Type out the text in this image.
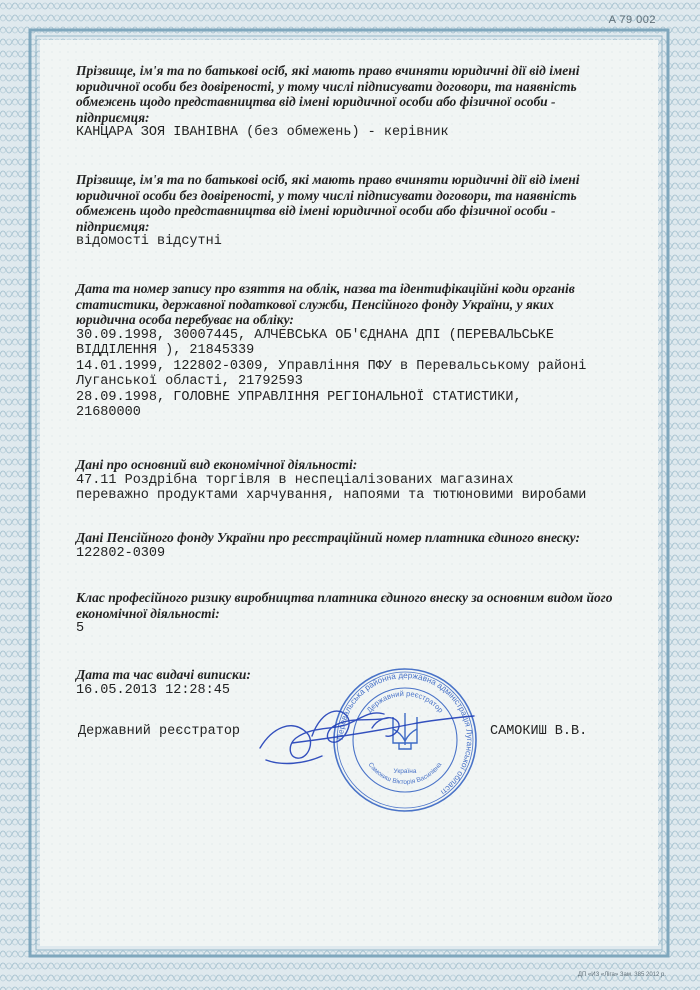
A 79 002
ДП «ИЗ «Ліга» Зам. 385 2012 р.

Прізвище, ім'я та по батькові осіб, які мають право вчиняти юридичні дії від імені юридичної особи без довіреності, у тому числі підписувати договори, та наявність обмежень щодо представництва від імені юридичної особи або фізичної особи - підприємця:

КАНЦАРА ЗОЯ ІВАНІВНА (без обмежень) - керівник

Прізвище, ім'я та по батькові осіб, які мають право вчиняти юридичні дії від імені юридичної особи без довіреності, у тому числі підписувати договори, та наявність обмежень щодо представництва від імені юридичної особи або фізичної особи - підприємця:

відомості відсутні

Дата та номер запису про взяття на облік, назва та ідентифікаційні коди органів статистики, державної податкової служби, Пенсійного фонду України, у яких юридична особа перебуває на обліку:

30.09.1998, 30007445, АЛЧЕВСЬКА ОБ'ЄДНАНА ДПІ (ПЕРЕВАЛЬСЬКЕ

ВІДДІЛЕННЯ ), 21845339

14.01.1999, 122802-0309, Управління ПФУ в Перевальському районі

Луганської області, 21792593

28.09.1998, ГОЛОВНЕ УПРАВЛІННЯ РЕГІОНАЛЬНОЇ СТАТИСТИКИ,

21680000

Дані про основний вид економічної діяльності:

47.11 Роздрібна торгівля в неспеціалізованих магазинах

переважно продуктами харчування, напоями та тютюновими виробами

Дані Пенсійного фонду України про реєстраційний номер платника єдиного внеску:

122802-0309

Клас професійного ризику виробництва платника єдиного внеску за основним видом його економічної діяльності:

5

Дата та час видачі виписки:

16.05.2013 12:28:45

Державний реєстратор	САМОКИШ В.В.
Перевальська районна державна адміністрація Луганської області
Державний реєстратор
Самокиш Вікторія Василівна
Україна
